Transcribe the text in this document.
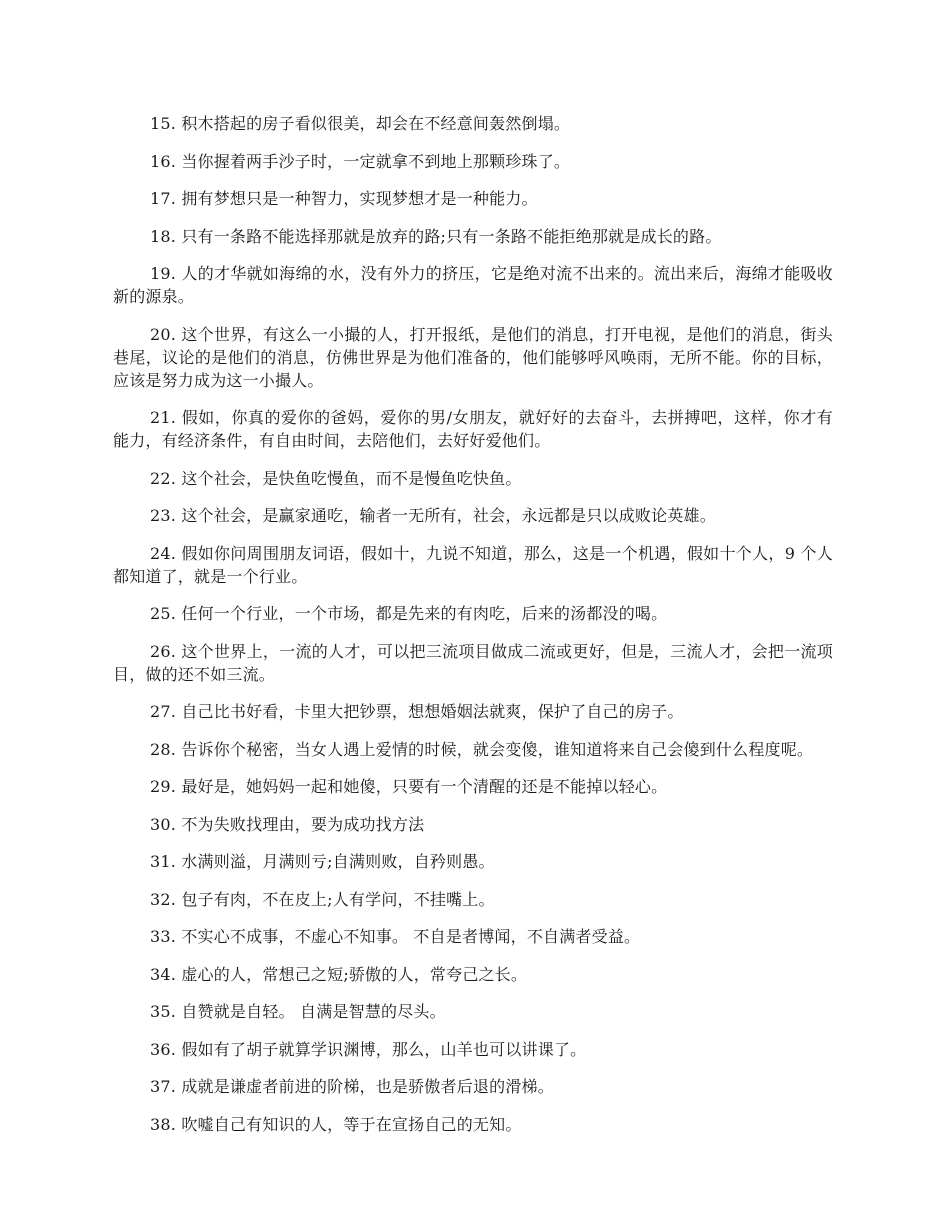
15. 积木搭起的房子看似很美，却会在不经意间轰然倒塌。

16. 当你握着两手沙子时，一定就拿不到地上那颗珍珠了。

17. 拥有梦想只是一种智力，实现梦想才是一种能力。

18. 只有一条路不能选择那就是放弃的路;只有一条路不能拒绝那就是成长的路。

19. 人的才华就如海绵的水，没有外力的挤压，它是绝对流不出来的。流出来后，海绵才能吸收新的源泉。

20. 这个世界，有这么一小撮的人，打开报纸，是他们的消息，打开电视，是他们的消息，街头巷尾，议论的是他们的消息，仿佛世界是为他们准备的，他们能够呼风唤雨，无所不能。你的目标，应该是努力成为这一小撮人。

21. 假如，你真的爱你的爸妈，爱你的男/女朋友，就好好的去奋斗，去拼搏吧，这样，你才有能力，有经济条件，有自由时间，去陪他们，去好好爱他们。

22. 这个社会，是快鱼吃慢鱼，而不是慢鱼吃快鱼。

23. 这个社会，是赢家通吃，输者一无所有，社会，永远都是只以成败论英雄。

24. 假如你问周围朋友词语，假如十，九说不知道，那么，这是一个机遇，假如十个人，9 个人都知道了，就是一个行业。

25. 任何一个行业，一个市场，都是先来的有肉吃，后来的汤都没的喝。

26. 这个世界上，一流的人才，可以把三流项目做成二流或更好，但是，三流人才，会把一流项目，做的还不如三流。

27. 自己比书好看，卡里大把钞票，想想婚姻法就爽，保护了自己的房子。

28. 告诉你个秘密，当女人遇上爱情的时候，就会变傻，谁知道将来自己会傻到什么程度呢。

29. 最好是，她妈妈一起和她傻，只要有一个清醒的还是不能掉以轻心。

30. 不为失败找理由，要为成功找方法

31. 水满则溢，月满则亏;自满则败，自矜则愚。

32. 包子有肉，不在皮上;人有学问，不挂嘴上。

33. 不实心不成事，不虚心不知事。 不自是者博闻，不自满者受益。

34. 虚心的人，常想己之短;骄傲的人，常夸己之长。

35. 自赞就是自轻。 自满是智慧的尽头。

36. 假如有了胡子就算学识渊博，那么，山羊也可以讲课了。

37. 成就是谦虚者前进的阶梯，也是骄傲者后退的滑梯。

38. 吹嘘自己有知识的人，等于在宣扬自己的无知。
